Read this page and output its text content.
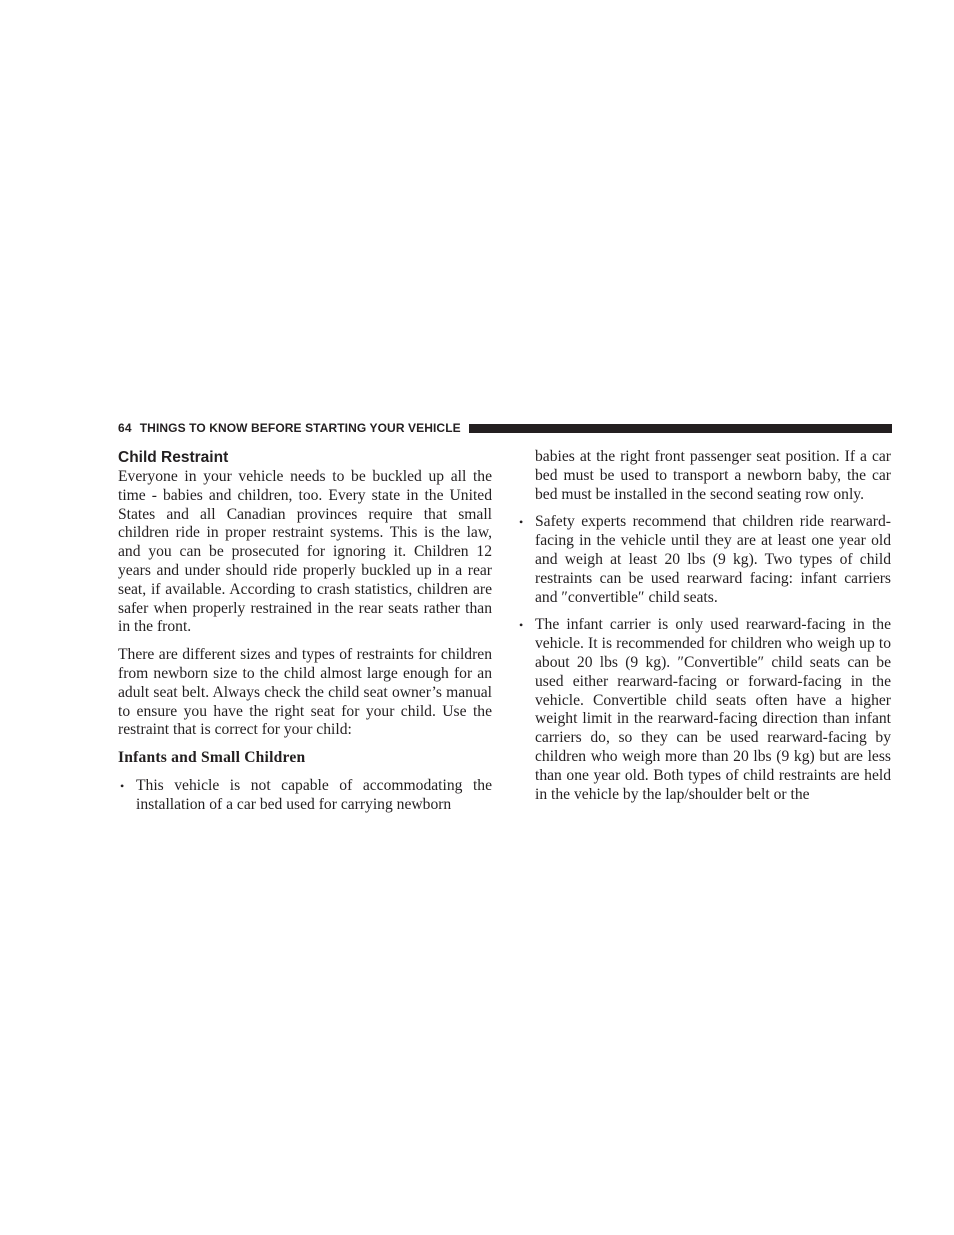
64 THINGS TO KNOW BEFORE STARTING YOUR VEHICLE
Child Restraint

Everyone in your vehicle needs to be buckled up all the time - babies and children, too. Every state in the United States and all Canadian provinces require that small children ride in proper restraint systems. This is the law, and you can be prosecuted for ignoring it. Children 12 years and under should ride properly buckled up in a rear seat, if available. According to crash statistics, children are safer when properly restrained in the rear seats rather than in the front.

There are different sizes and types of restraints for children from newborn size to the child almost large enough for an adult seat belt. Always check the child seat owner’s manual to ensure you have the right seat for your child. Use the restraint that is correct for your child:

Infants and Small Children

• This vehicle is not capable of accommodating the installation of a car bed used for carrying newborn

babies at the right front passenger seat position. If a car bed must be used to transport a newborn baby, the car bed must be installed in the second seating row only.

• Safety experts recommend that children ride rearward-facing in the vehicle until they are at least one year old and weigh at least 20 lbs (9 kg). Two types of child restraints can be used rearward facing: infant carriers and ″convertible″ child seats.
• The infant carrier is only used rearward-facing in the vehicle. It is recommended for children who weigh up to about 20 lbs (9 kg). ″Convertible″ child seats can be used either rearward-facing or forward-facing in the vehicle. Convertible child seats often have a higher weight limit in the rearward-facing direction than infant carriers do, so they can be used rearward-facing by children who weigh more than 20 lbs (9 kg) but are less than one year old. Both types of child restraints are held in the vehicle by the lap/shoulder belt or the
